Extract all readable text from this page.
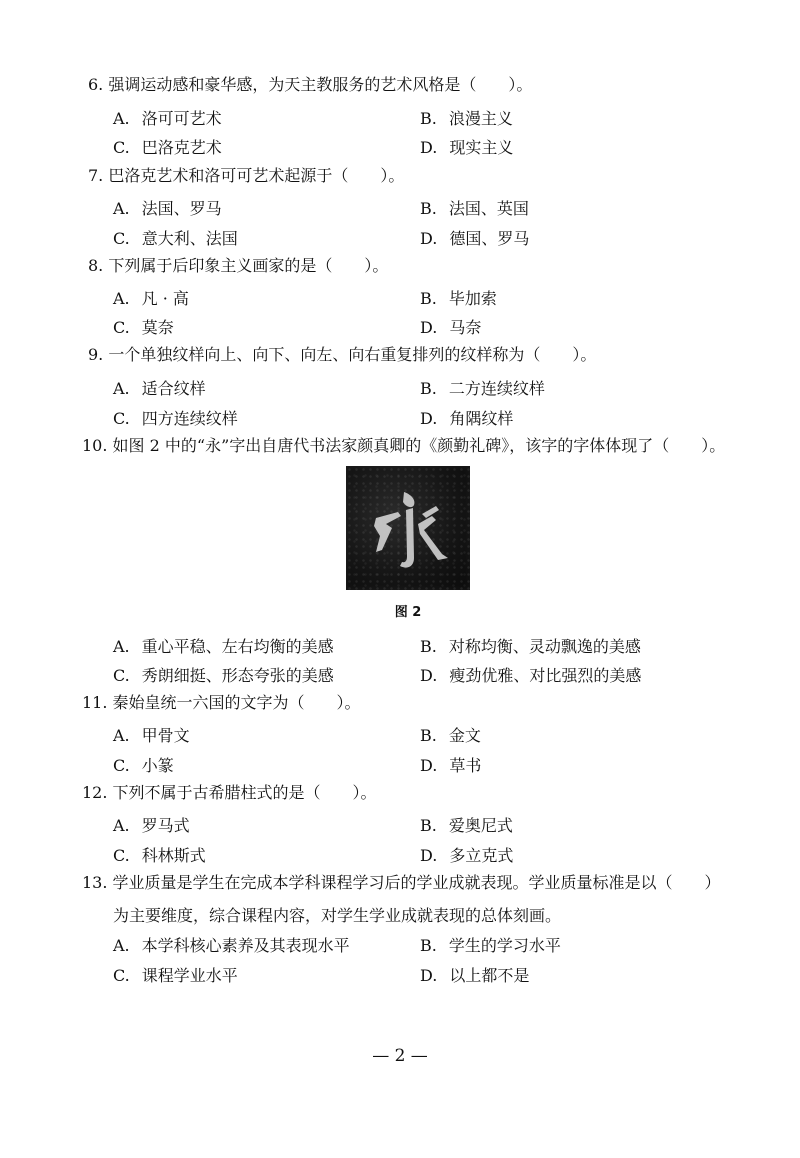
6. 强调运动感和豪华感，为天主教服务的艺术风格是（　　）。
A. 洛可可艺术	B. 浪漫主义
C. 巴洛克艺术	D. 现实主义
7. 巴洛克艺术和洛可可艺术起源于（　　）。
A. 法国、罗马	B. 法国、英国
C. 意大利、法国	D. 德国、罗马
8. 下列属于后印象主义画家的是（　　）。
A. 凡 · 高	B. 毕加索
C. 莫奈	D. 马奈
9. 一个单独纹样向上、向下、向左、向右重复排列的纹样称为（　　）。
A. 适合纹样	B. 二方连续纹样
C. 四方连续纹样	D. 角隅纹样
10. 如图 2 中的“永”字出自唐代书法家颜真卿的《颜勤礼碑》，该字的字体体现了（　　）。
图 2
A. 重心平稳、左右均衡的美感	B. 对称均衡、灵动飘逸的美感
C. 秀朗细挺、形态夸张的美感	D. 瘦劲优雅、对比强烈的美感
11. 秦始皇统一六国的文字为（　　）。
A. 甲骨文	B. 金文
C. 小篆	D. 草书
12. 下列不属于古希腊柱式的是（　　）。
A. 罗马式	B. 爱奥尼式
C. 科林斯式	D. 多立克式
13. 学业质量是学生在完成本学科课程学习后的学业成就表现。学业质量标准是以（　　）
为主要维度，综合课程内容，对学生学业成就表现的总体刻画。
A. 本学科核心素养及其表现水平	B. 学生的学习水平
C. 课程学业水平	D. 以上都不是
— 2 —
